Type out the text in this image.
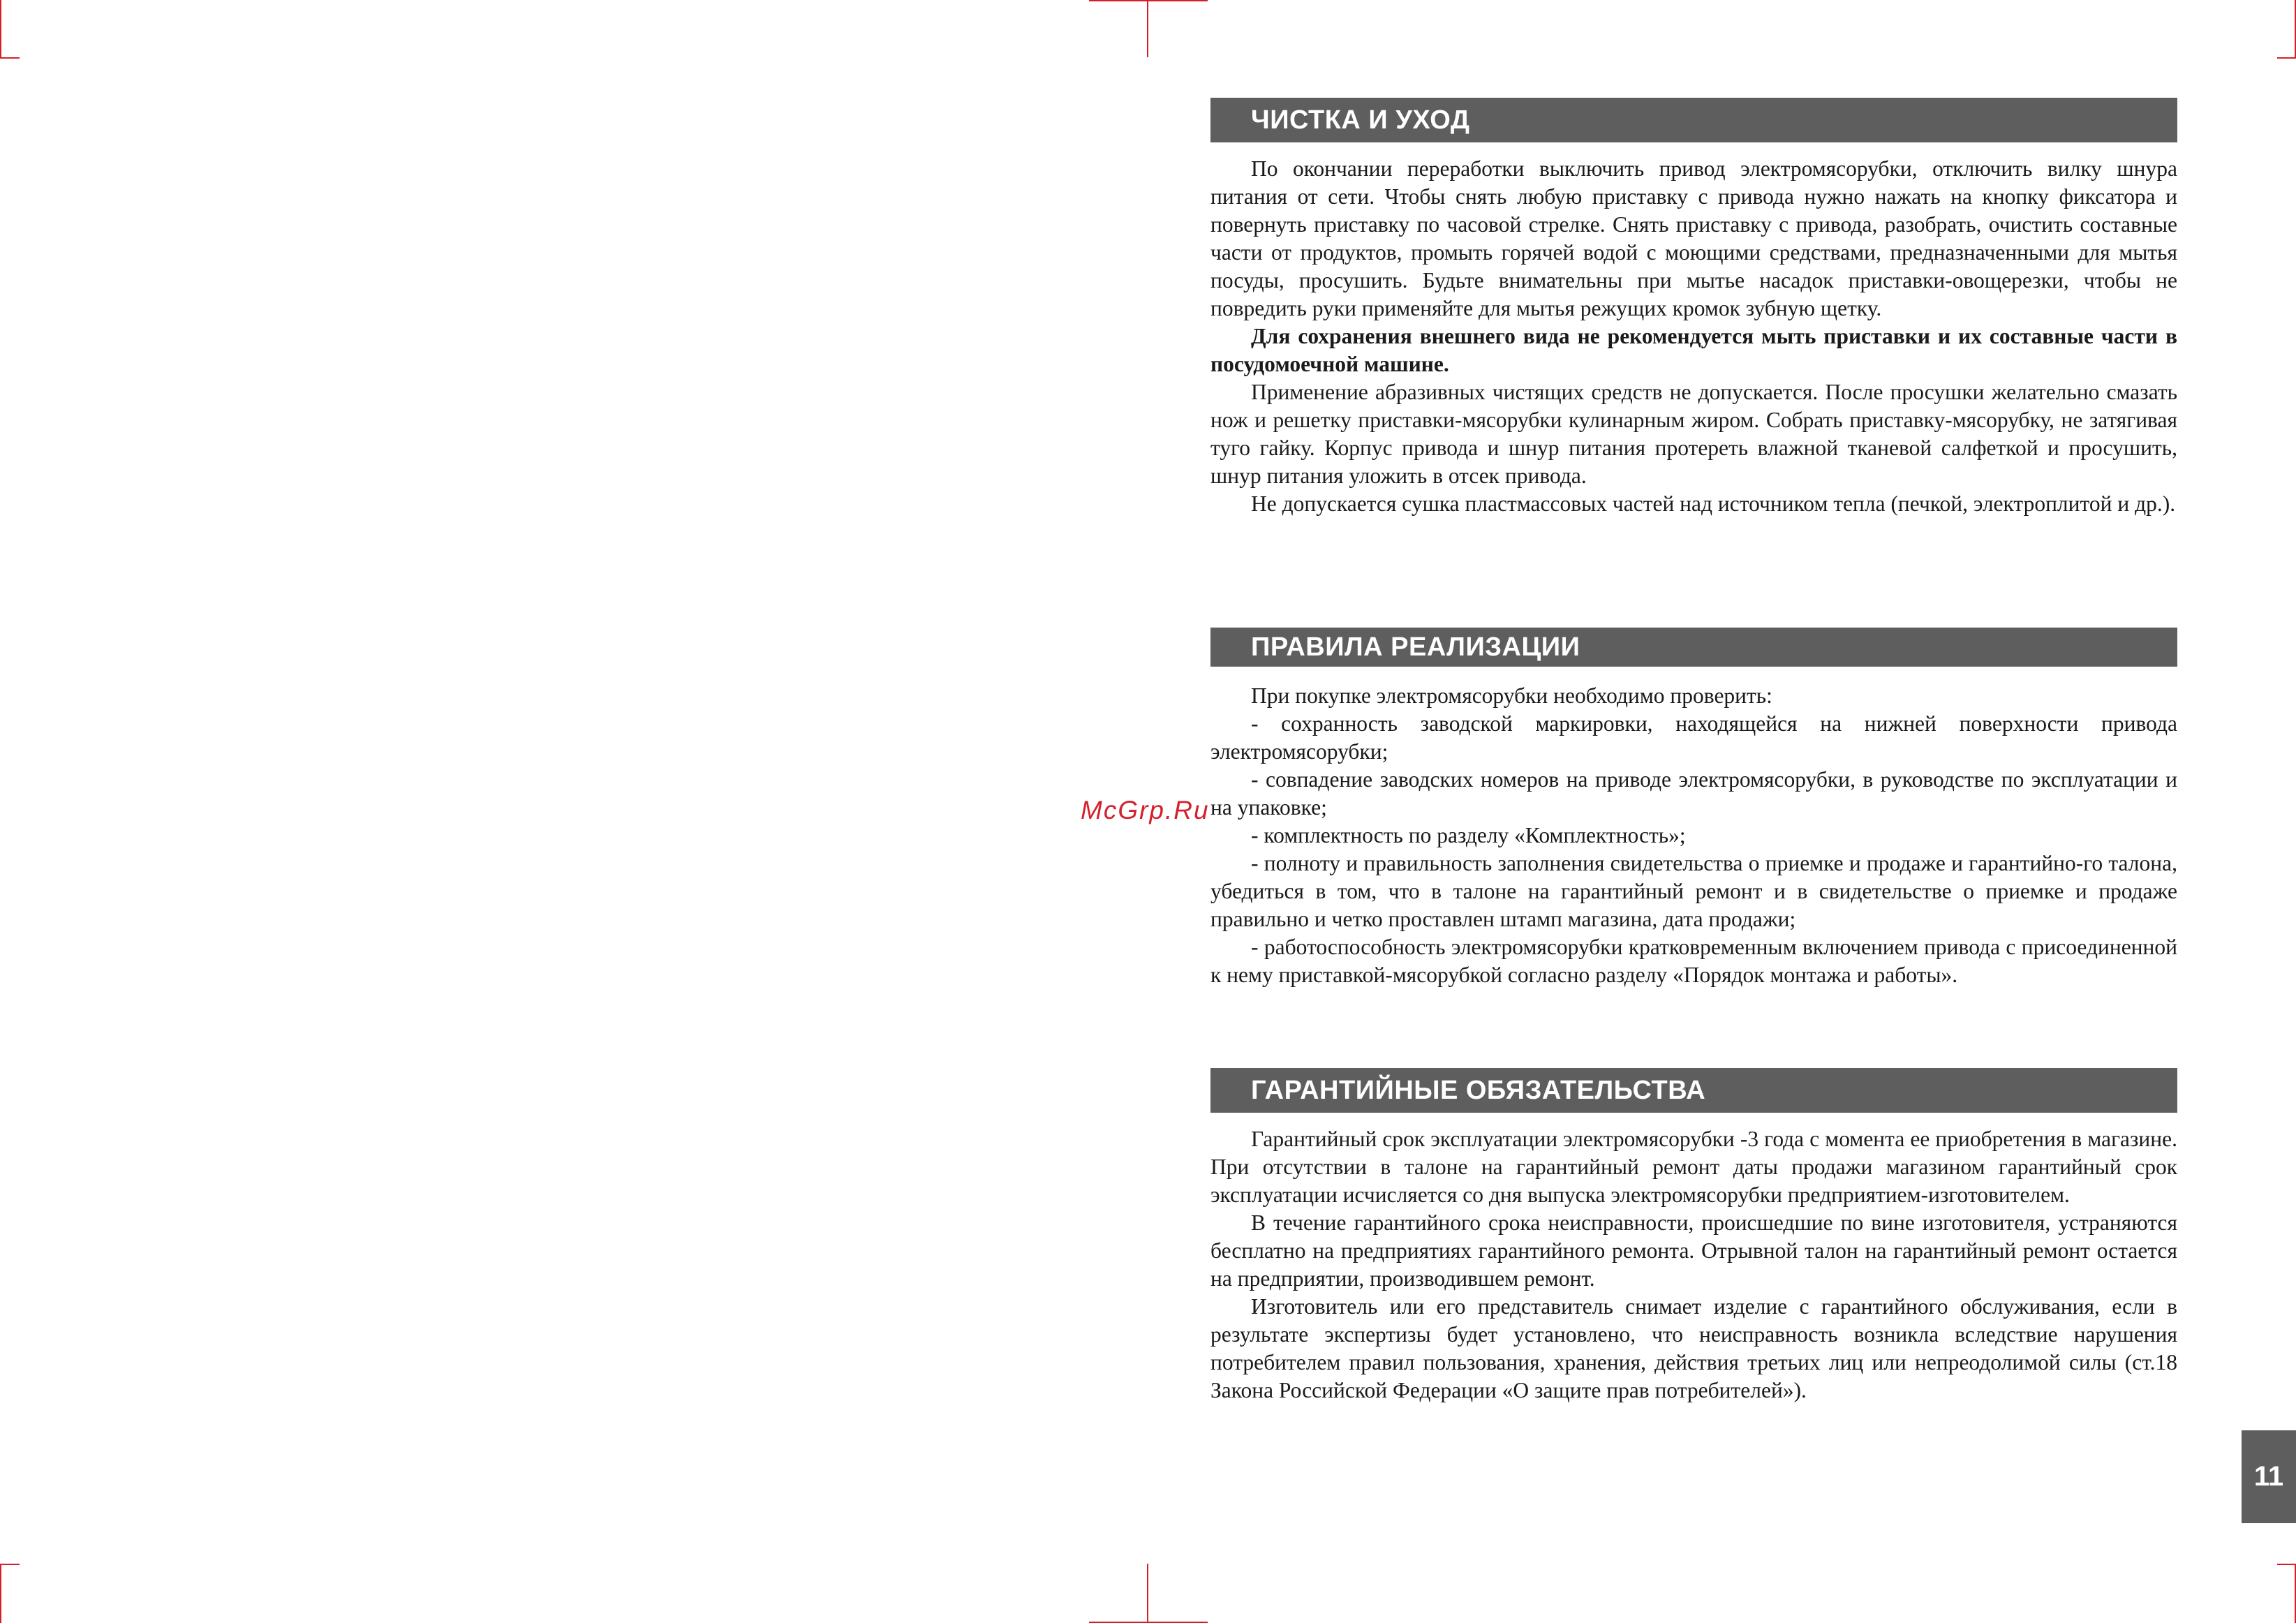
ЧИСТКА И УХОД

По окончании переработки выключить привод электромясорубки, отключить вилку шнура питания от сети. Чтобы снять любую приставку с привода нужно нажать на кнопку фиксатора и повернуть приставку по часовой стрелке. Снять приставку с привода, разобрать, очистить составные части от продуктов, промыть горячей водой с моющими средствами, предназначенными для мытья посуды, просушить. Будьте внимательны при мытье насадок приставки-овощерезки, чтобы не повредить руки применяйте для мытья режущих кромок зубную щетку.

Для сохранения внешнего вида не рекомендуется мыть приставки и их составные части в посудомоечной машине.

Применение абразивных чистящих средств не допускается. После просушки желательно смазать нож и решетку приставки-мясорубки кулинарным жиром. Собрать приставку-мясорубку, не затягивая туго гайку. Корпус привода и шнур питания протереть влажной тканевой салфеткой и просушить, шнур питания уложить в отсек привода.

Не допускается сушка пластмассовых частей над источником тепла (печкой, электроплитой и др.).

ПРАВИЛА РЕАЛИЗАЦИИ

При покупке электромясорубки необходимо проверить:

- сохранность заводской маркировки, находящейся на нижней поверхности привода электромясорубки;

- совпадение заводских номеров на приводе электромясорубки, в руководстве по эксплуатации и на упаковке;

- комплектность по разделу «Комплектность»;

- полноту и правильность заполнения свидетельства о приемке и продаже и гарантийно-го талона, убедиться в том, что в талоне на гарантийный ремонт и в свидетельстве о приемке и продаже правильно и четко проставлен штамп магазина, дата продажи;

- работоспособность электромясорубки кратковременным включением привода с присоединенной к нему приставкой-мясорубкой согласно разделу «Порядок монтажа и работы».

ГАРАНТИЙНЫЕ ОБЯЗАТЕЛЬСТВА

Гарантийный срок эксплуатации электромясорубки -3 года с момента ее приобретения в магазине. При отсутствии в талоне на гарантийный ремонт даты продажи магазином гарантийный срок эксплуатации исчисляется со дня выпуска электромясорубки предприятием-изготовителем.

В течение гарантийного срока неисправности, происшедшие по вине изготовителя, устраняются бесплатно на предприятиях гарантийного ремонта. Отрывной талон на гарантийный ремонт остается на предприятии, производившем ремонт.

Изготовитель или его представитель снимает изделие с гарантийного обслуживания, если в результате экспертизы будет установлено, что неисправность возникла вследствие нарушения потребителем правил пользования, хранения, действия третьих лиц или непреодолимой силы (ст.18 Закона Российской Федерации «О защите прав потребителей»).

McGrp.Ru
11
